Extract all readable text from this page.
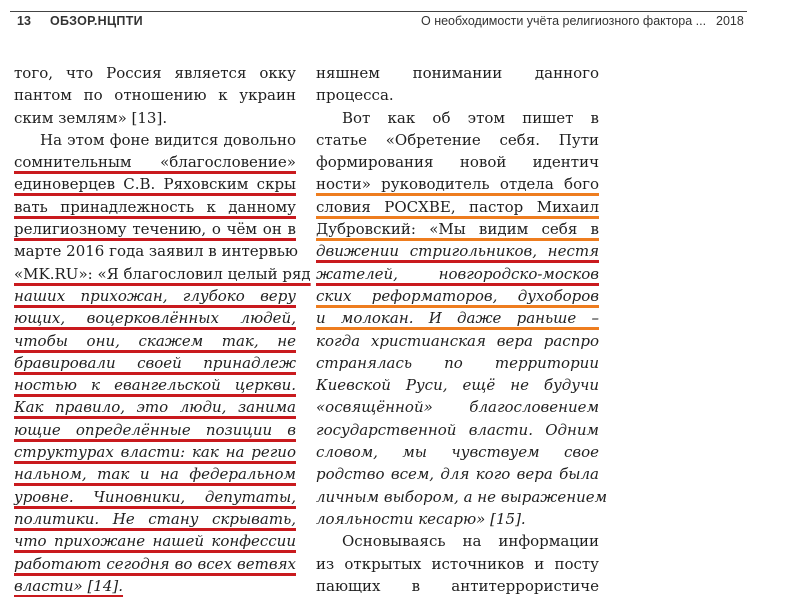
13 ОБЗОР.НЦПТИ	О необходимости учёта религиозного фактора ... 2018
того, что Россия является окку
пантом по отношению к украин
ским землям» [13].
На этом фоне видится довольно
сомнительным «благословение»
единоверцев С.В. Ряховским скры
вать принадлежность к данному
религиозному течению, о чём он в
марте 2016 года заявил в интервью
«MK.RU»: «Я благословил целый ряд
наших прихожан, глубоко веру
ющих, воцерковлённых людей,
чтобы они, скажем так, не
бравировали своей принадлеж
ностью к евангельской церкви.
Как правило, это люди, занима
ющие определённые позиции в
структурах власти: как на регио
нальном, так и на федеральном
уровне. Чиновники, депутаты,
политики. Не стану скрывать,
что прихожане нашей конфессии
работают сегодня во всех ветвях
власти» [14].
няшнем понимании данного
процесса.
Вот как об этом пишет в
статье «Обретение себя. Пути
формирования новой идентич
ности» руководитель отдела бого
словия РОСХВЕ, пастор Михаил
Дубровский: «Мы видим себя в
движении стригольников, нестя
жателей, новгородско-москов
ских реформаторов, духоборов
и молокан. И даже раньше –
когда христианская вера распро
странялась по территории
Киевской Руси, ещё не будучи
«освящённой» благословением
государственной власти. Одним
словом, мы чувствуем свое
родство всем, для кого вера была
личным выбором, а не выражением
лояльности кесарю» [15].
Основываясь на информации
из открытых источников и посту
пающих в антитеррористиче
